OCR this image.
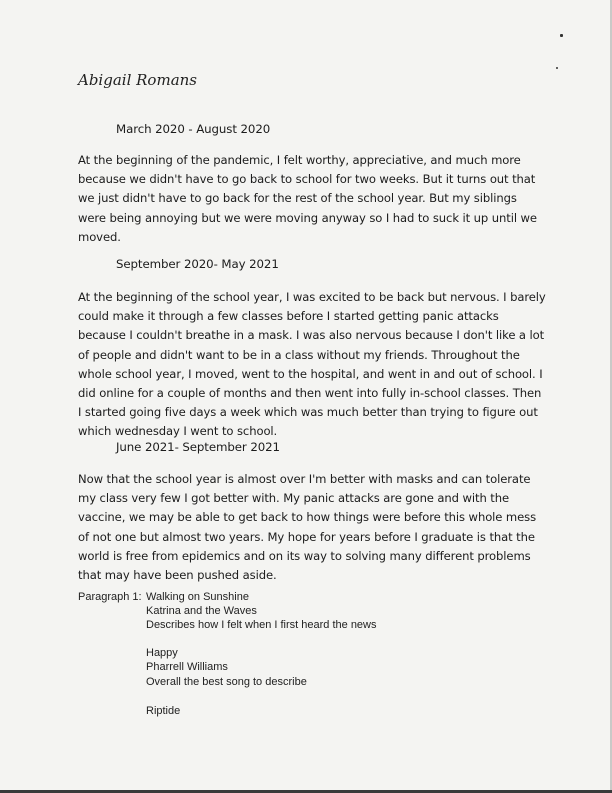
Abigail Romans
March 2020 - August 2020
At the beginning of the pandemic, I felt worthy, appreciative, and much more because we didn't have to go back to school for two weeks. But it turns out that we just didn't have to go back for the rest of the school year. But my siblings were being annoying but we were moving anyway so I had to suck it up until we moved.
September 2020- May 2021
At the beginning of the school year, I was excited to be back but nervous. I barely could make it through a few classes before I started getting panic attacks because I couldn't breathe in a mask. I was also nervous because I don't like a lot of people and didn't want to be in a class without my friends. Throughout the whole school year, I moved, went to the hospital, and went in and out of school. I did online for a couple of months and then went into fully in-school classes. Then I started going five days a week which was much better than trying to figure out which wednesday I went to school.
June 2021- September 2021
Now that the school year is almost over I'm better with masks and can tolerate my class very few I got better with. My panic attacks are gone and with the vaccine, we may be able to get back to how things were before this whole mess of not one but almost two years. My hope for years before I graduate is that the world is free from epidemics and on its way to solving many different problems that may have been pushed aside.
Paragraph 1: Walking on Sunshine
Katrina and the Waves
Describes how I felt when I first heard the news
Happy
Pharrell Williams
Overall the best song to describe
Riptide
